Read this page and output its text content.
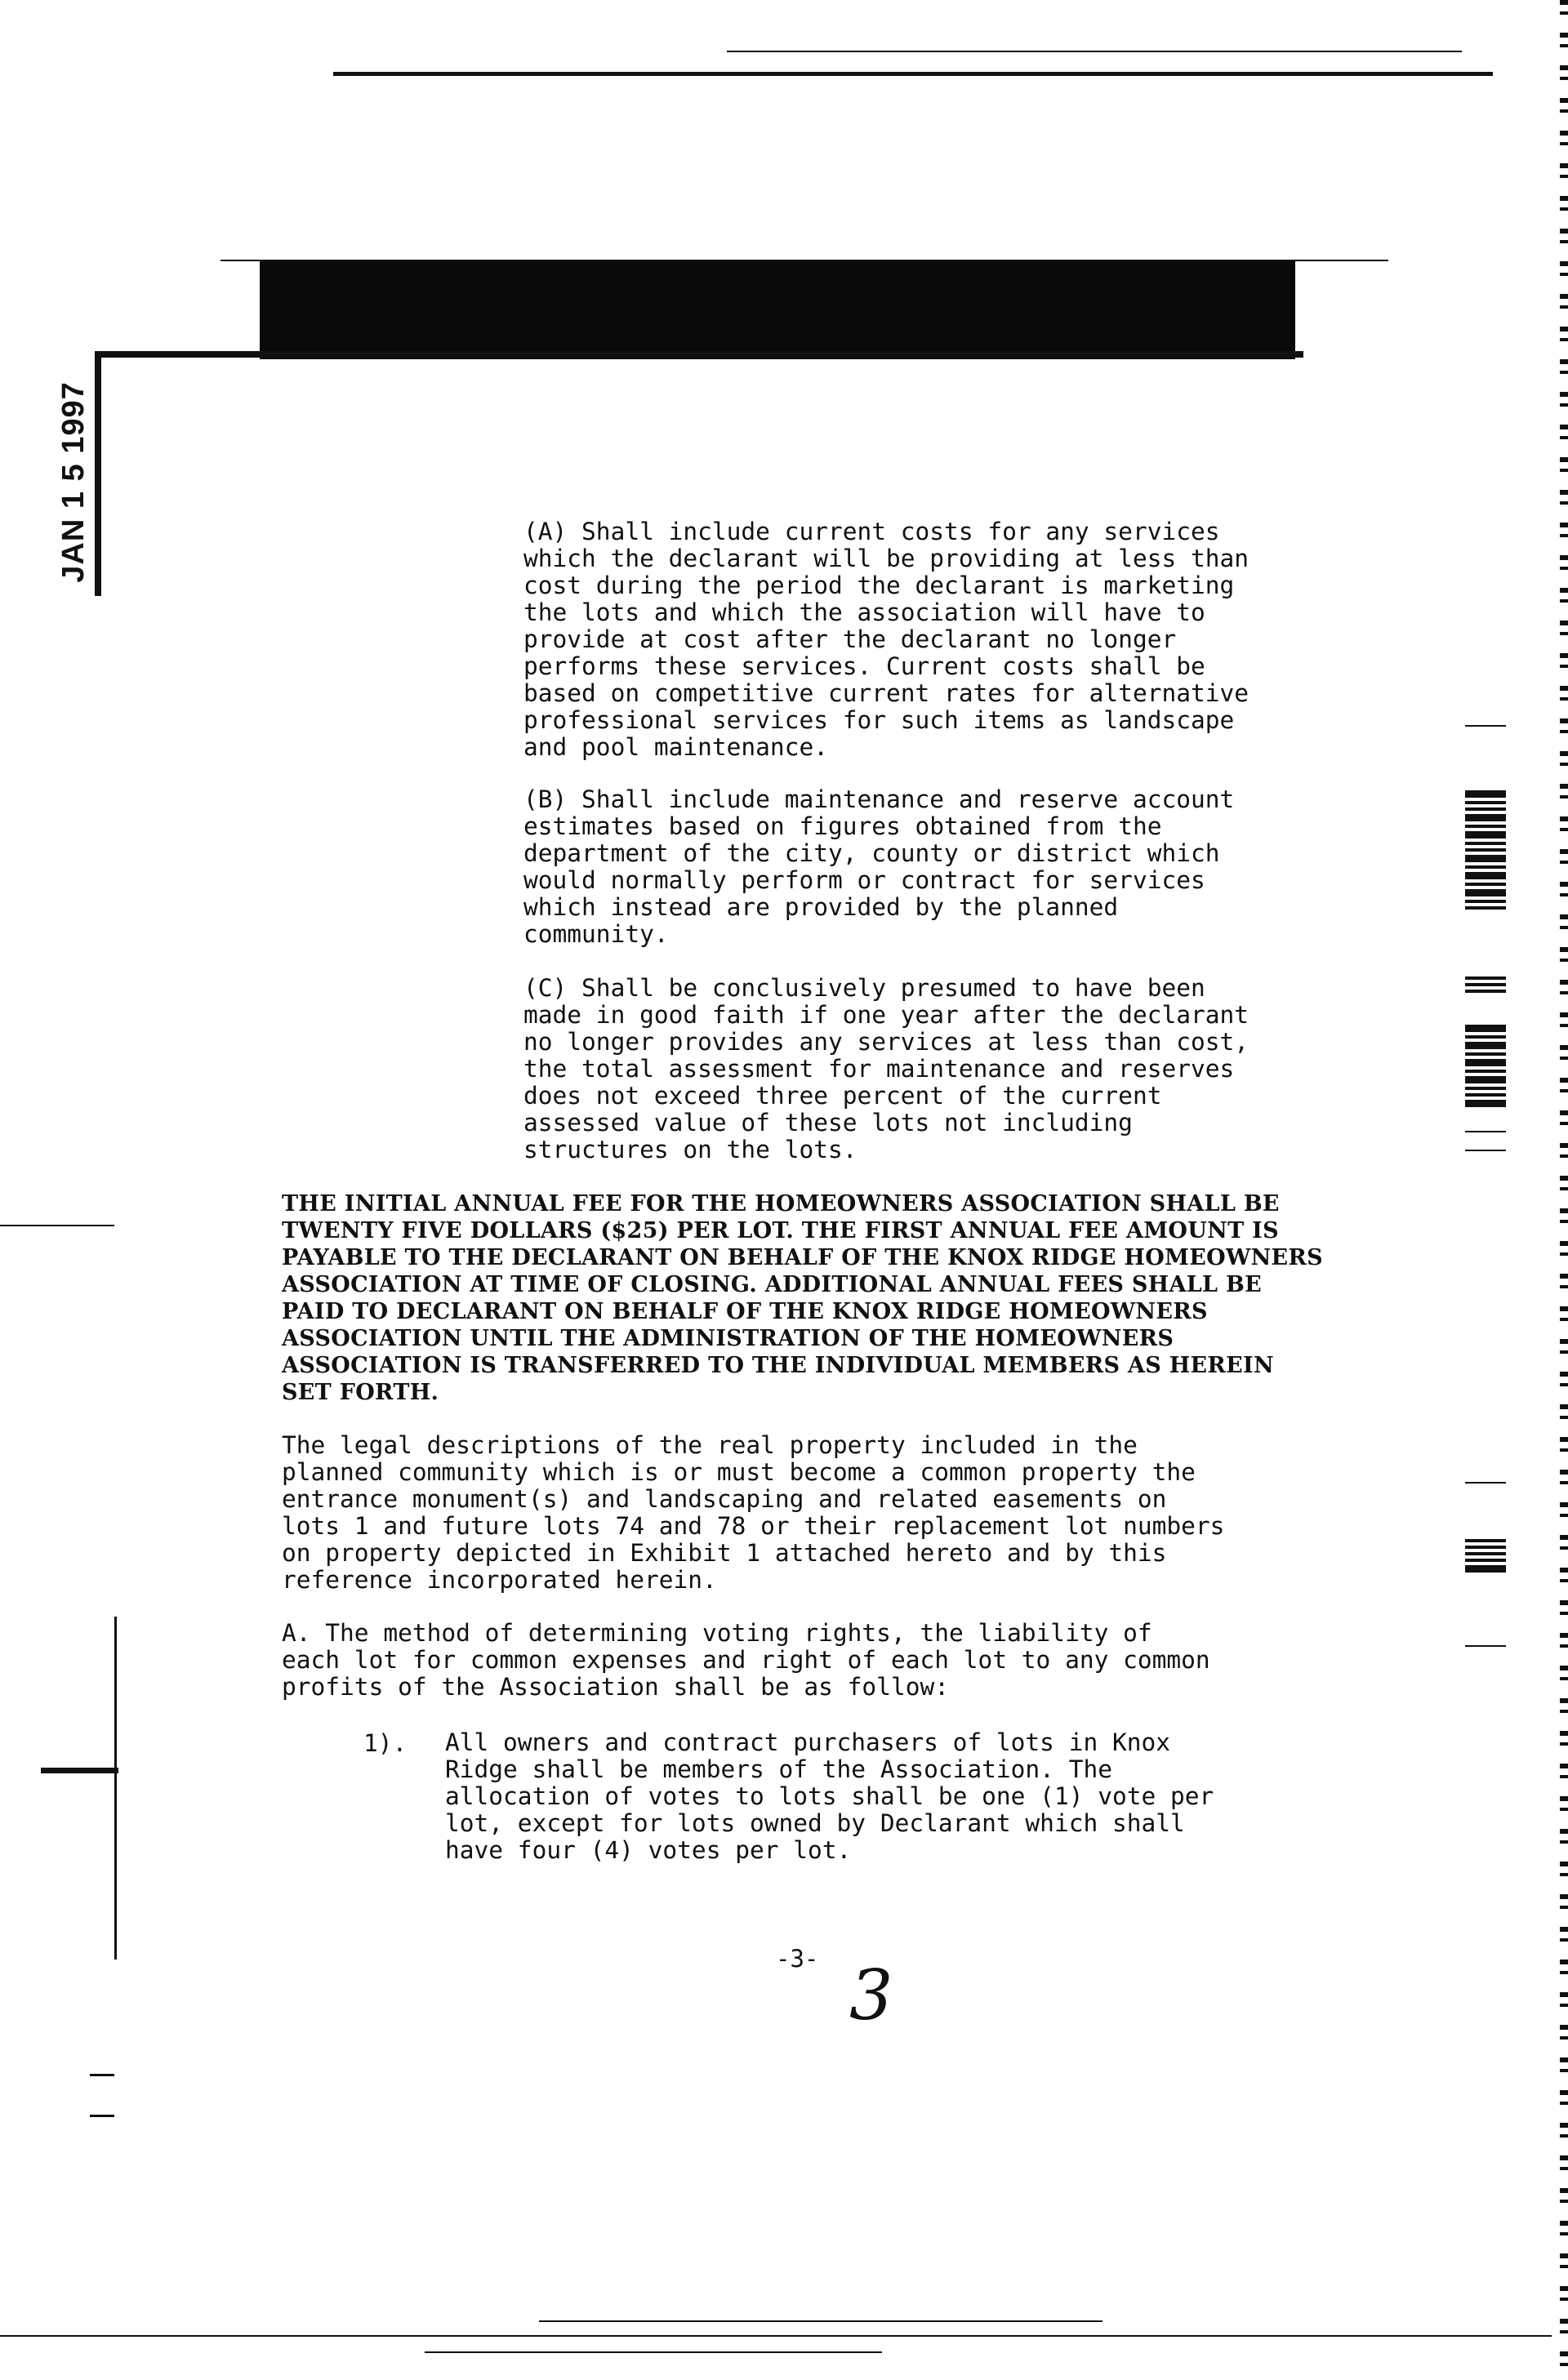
JAN 1 5 1997	(A) Shall include current costs for any services
which the declarant will be providing at less than
cost during the period the declarant is marketing
the lots and which the association will have to
provide at cost after the declarant no longer
performs these services. Current costs shall be
based on competitive current rates for alternative
professional services for such items as landscape
and pool maintenance.

(B) Shall include maintenance and reserve account
estimates based on figures obtained from the
department of the city, county or district which
would normally perform or contract for services
which instead are provided by the planned
community.

(C) Shall be conclusively presumed to have been
made in good faith if one year after the declarant
no longer provides any services at less than cost,
the total assessment for maintenance and reserves
does not exceed three percent of the current
assessed value of these lots not including
structures on the lots.

THE INITIAL ANNUAL FEE FOR THE HOMEOWNERS ASSOCIATION SHALL BE
TWENTY FIVE DOLLARS ($25) PER LOT. THE FIRST ANNUAL FEE AMOUNT IS
PAYABLE TO THE DECLARANT ON BEHALF OF THE KNOX RIDGE HOMEOWNERS
ASSOCIATION AT TIME OF CLOSING. ADDITIONAL ANNUAL FEES SHALL BE
PAID TO DECLARANT ON BEHALF OF THE KNOX RIDGE HOMEOWNERS
ASSOCIATION UNTIL THE ADMINISTRATION OF THE HOMEOWNERS
ASSOCIATION IS TRANSFERRED TO THE INDIVIDUAL MEMBERS AS HEREIN
SET FORTH.

The legal descriptions of the real property included in the
planned community which is or must become a common property the
entrance monument(s) and landscaping and related easements on
lots 1 and future lots 74 and 78 or their replacement lot numbers
on property depicted in Exhibit 1 attached hereto and by this
reference incorporated herein.

A. The method of determining voting rights, the liability of
each lot for common expenses and right of each lot to any common
profits of the Association shall be as follow:

1). All owners and contract purchasers of lots in Knox
Ridge shall be members of the Association. The
allocation of votes to lots shall be one (1) vote per
lot, except for lots owned by Declarant which shall
have four (4) votes per lot.

-3- 3
